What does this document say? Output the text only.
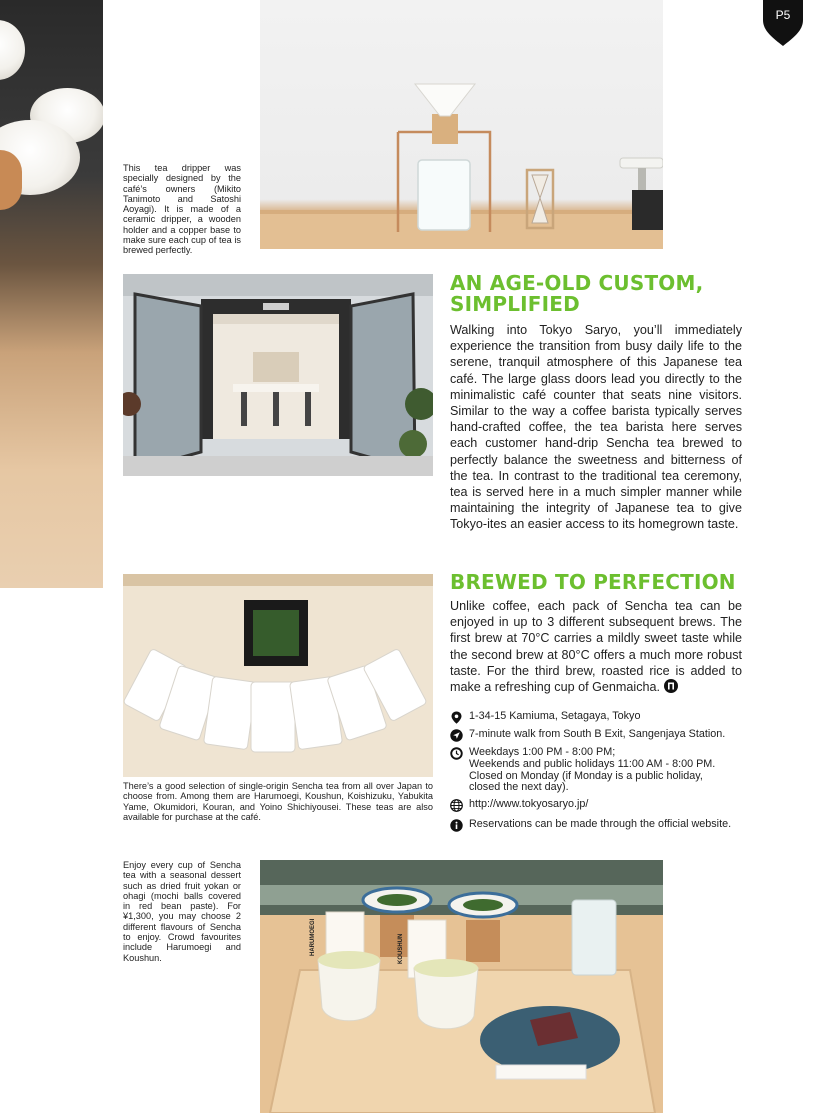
P5
This tea dripper was specially designed by the café’s owners (Mikito Tanimoto and Satoshi Aoyagi). It is made of a ceramic dripper, a wooden holder and a copper base to make sure each cup of tea is brewed perfectly.
AN AGE-OLD CUSTOM, SIMPLIFIED
Walking into Tokyo Saryo, you’ll immediately experience the transition from busy daily life to the serene, tranquil atmosphere of this Japanese tea café. The large glass doors lead you directly to the minimalistic café counter that seats nine visitors. Similar to the way a coffee barista typically serves hand-crafted coffee, the tea barista here serves each customer hand-drip Sencha tea brewed to perfectly balance the sweetness and bitterness of the tea. In contrast to the traditional tea ceremony, tea is served here in a much simpler manner while maintaining the integrity of Japanese tea to give Tokyo-ites an easier access to its homegrown taste.
There’s a good selection of single-origin Sencha tea from all over Japan to choose from. Among them are Harumoegi, Koushun, Koishizuku, Yabukita Yame, Okumidori, Kouran, and Yoino Shichiyousei. These teas are also available for purchase at the café.
BREWED TO PERFECTION
Unlike coffee, each pack of Sencha tea can be enjoyed in up to 3 different subsequent brews. The first brew at 70°C carries a mildly sweet taste while the second brew at 80°C offers a much more robust taste. For the third brew, roasted rice is added to make a refreshing cup of Genmaicha.
1-34-15 Kamiuma, Setagaya, Tokyo
7-minute walk from South B Exit, Sangenjaya Station.
Weekdays 1:00 PM - 8:00 PM;
Weekends and public holidays 11:00 AM - 8:00 PM.
Closed on Monday (if Monday is a public holiday,
closed the next day).
http://www.tokyosaryo.jp/
Reservations can be made through the official website.
Enjoy every cup of Sencha tea with a seasonal dessert such as dried fruit yokan or ohagi (mochi balls covered in red bean paste). For ¥1,300, you may choose 2 different flavours of Sencha to enjoy. Crowd favourites include Harumoegi and Koushun.
HARUMOEGI	KOUSHUN
